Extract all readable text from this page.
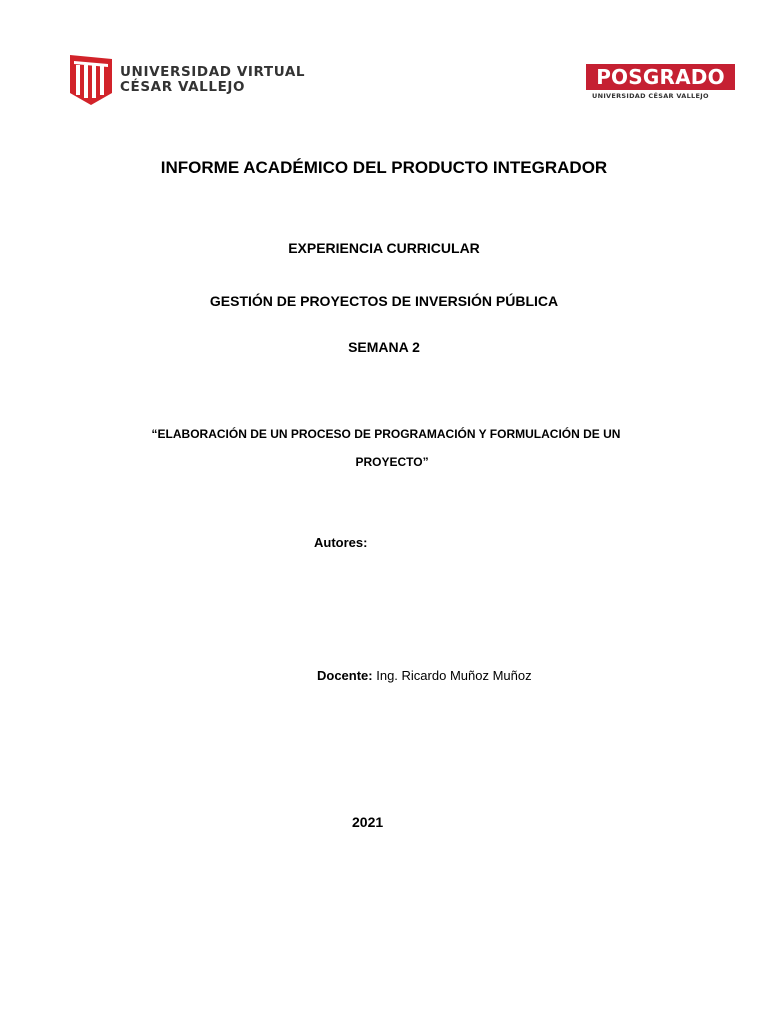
UNIVERSIDAD VIRTUAL
CÉSAR VALLEJO	POSGRADO
UNIVERSIDAD CÉSAR VALLEJO
INFORME ACADÉMICO DEL PRODUCTO INTEGRADOR
EXPERIENCIA CURRICULAR
GESTIÓN DE PROYECTOS DE INVERSIÓN PÚBLICA
SEMANA 2
“ELABORACIÓN DE UN PROCESO DE PROGRAMACIÓN Y FORMULACIÓN DE UN
PROYECTO”
Autores:
Docente: Ing. Ricardo Muñoz Muñoz
2021
